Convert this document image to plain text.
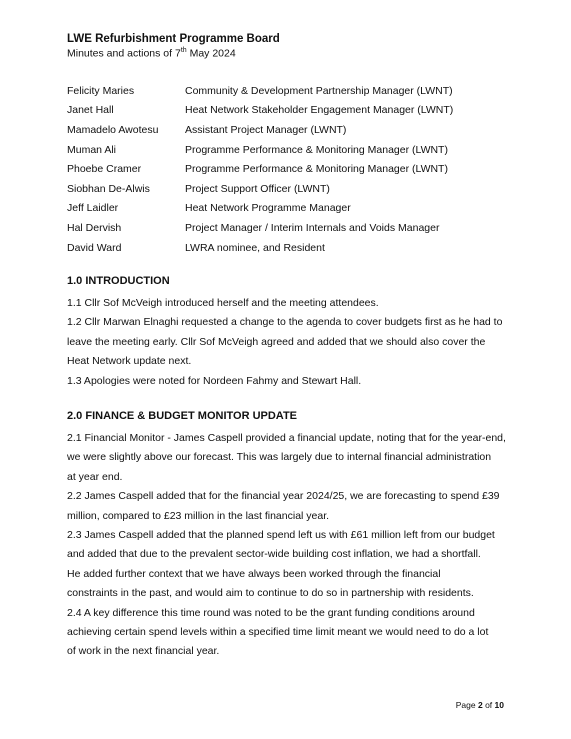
LWE Refurbishment Programme Board
Minutes and actions of 7th May 2024
Felicity Maries	Community & Development Partnership Manager (LWNT)
Janet Hall	Heat Network Stakeholder Engagement Manager (LWNT)
Mamadelo Awotesu	Assistant Project Manager (LWNT)
Muman Ali	Programme Performance & Monitoring Manager (LWNT)
Phoebe Cramer	Programme Performance & Monitoring Manager (LWNT)
Siobhan De-Alwis	Project Support Officer (LWNT)
Jeff Laidler	Heat Network Programme Manager
Hal Dervish	Project Manager / Interim Internals and Voids Manager
David Ward	LWRA nominee, and Resident

1.0 INTRODUCTION

1.1 Cllr Sof McVeigh introduced herself and the meeting attendees.
1.2 Cllr Marwan Elnaghi requested a change to the agenda to cover budgets first as he had to
leave the meeting early. Cllr Sof McVeigh agreed and added that we should also cover the
Heat Network update next.
1.3 Apologies were noted for Nordeen Fahmy and Stewart Hall.

2.0 FINANCE & BUDGET MONITOR UPDATE

2.1 Financial Monitor - James Caspell provided a financial update, noting that for the year-end,
we were slightly above our forecast. This was largely due to internal financial administration
at year end.
2.2 James Caspell added that for the financial year 2024/25, we are forecasting to spend £39
million, compared to £23 million in the last financial year.
2.3 James Caspell added that the planned spend left us with £61 million left from our budget
and added that due to the prevalent sector-wide building cost inflation, we had a shortfall.
He added further context that we have always been worked through the financial
constraints in the past, and would aim to continue to do so in partnership with residents.
2.4 A key difference this time round was noted to be the grant funding conditions around
achieving certain spend levels within a specified time limit meant we would need to do a lot
of work in the next financial year.
Page 2 of 10
